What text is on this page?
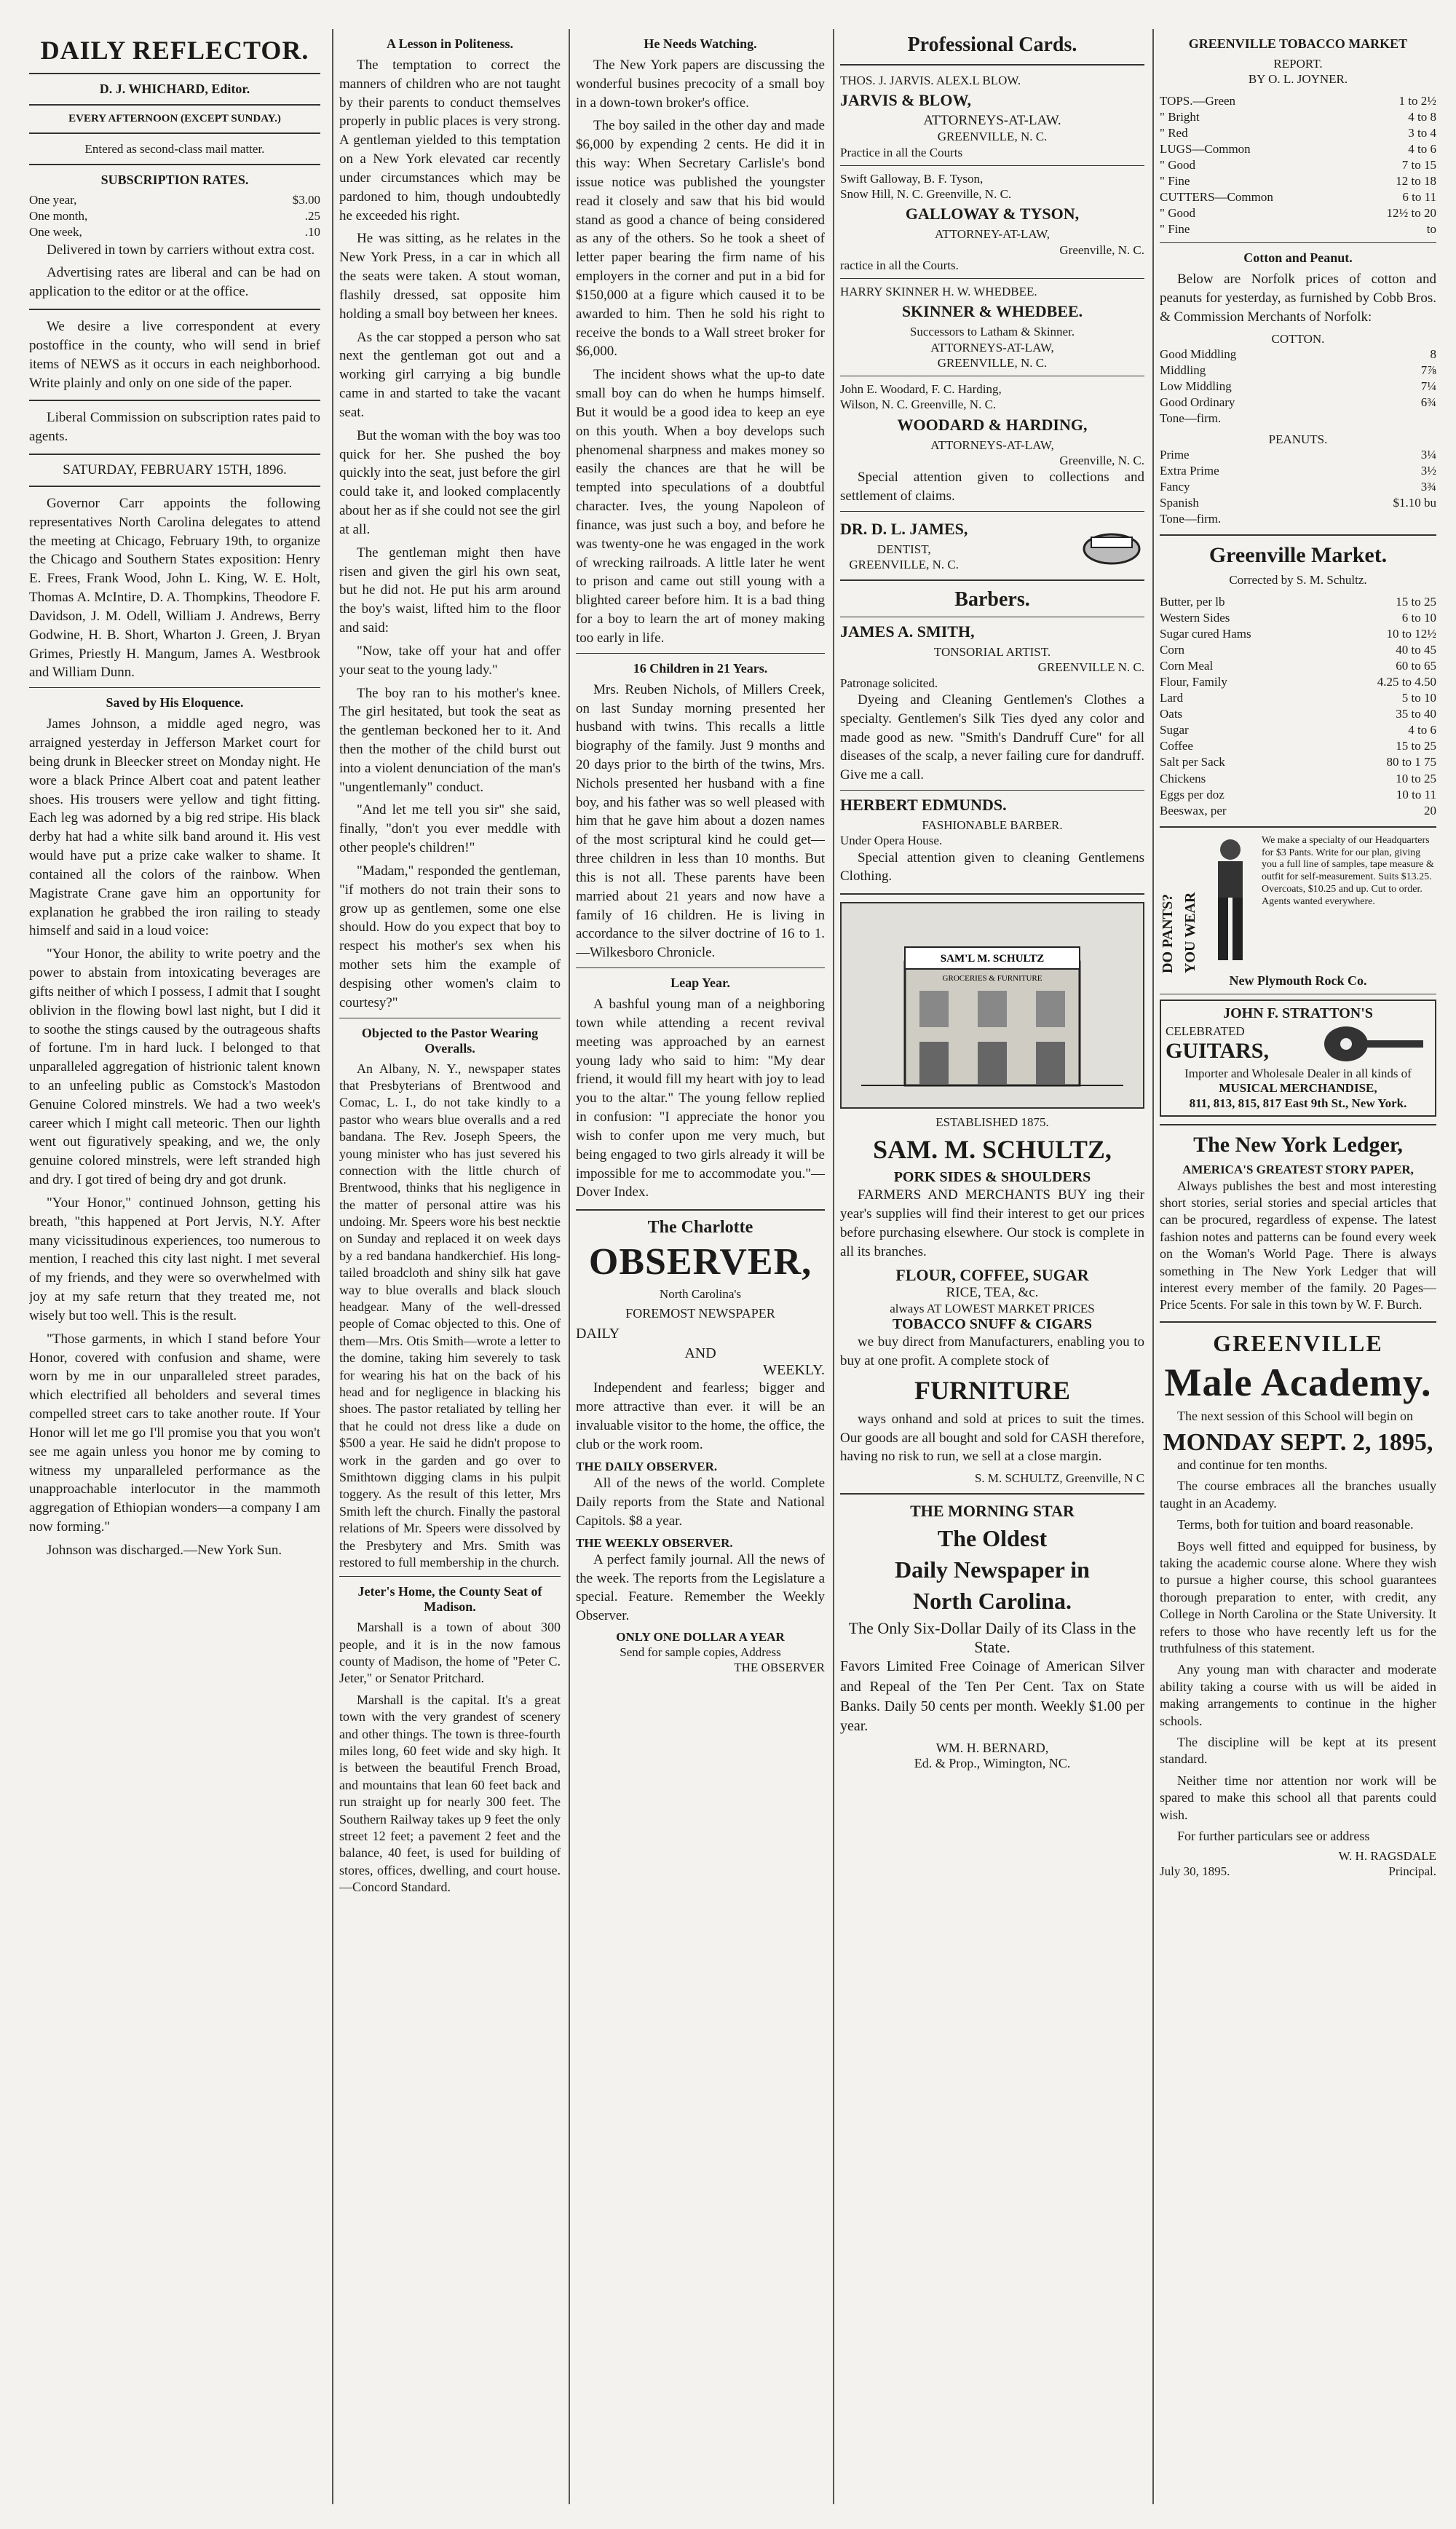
DAILY REFLECTOR.
D. J. WHICHARD, Editor.
EVERY AFTERNOON (EXCEPT SUNDAY.)
Entered as second-class mail matter.
SUBSCRIPTION RATES.
One year,	$3.00
One month,	.25
One week,	.10

Delivered in town by carriers without extra cost.

Advertising rates are liberal and can be had on application to the editor or at the office.

We desire a live correspondent at every postoffice in the county, who will send in brief items of NEWS as it occurs in each neighborhood. Write plainly and only on one side of the paper.

Liberal Commission on subscription rates paid to agents.

SATURDAY, FEBRUARY 15TH, 1896.

Governor Carr appoints the following representatives North Carolina delegates to attend the meeting at Chicago, February 19th, to organize the Chicago and Southern States exposition: Henry E. Frees, Frank Wood, John L. King, W. E. Holt, Thomas A. McIntire, D. A. Thompkins, Theodore F. Davidson, J. M. Odell, William J. Andrews, Berry Godwine, H. B. Short, Wharton J. Green, J. Bryan Grimes, Priestly H. Mangum, James A. Westbrook and William Dunn.

Saved by His Eloquence.

James Johnson, a middle aged negro, was arraigned yesterday in Jefferson Market court for being drunk in Bleecker street on Monday night. He wore a black Prince Albert coat and patent leather shoes. His trousers were yellow and tight fitting. Each leg was adorned by a big red stripe. His black derby hat had a white silk band around it. His vest would have put a prize cake walker to shame. It contained all the colors of the rainbow. When Magistrate Crane gave him an opportunity for explanation he grabbed the iron railing to steady himself and said in a loud voice:

"Your Honor, the ability to write poetry and the power to abstain from intoxicating beverages are gifts neither of which I possess, I admit that I sought oblivion in the flowing bowl last night, but I did it to soothe the stings caused by the outrageous shafts of fortune. I'm in hard luck. I belonged to that unparalleled aggregation of histrionic talent known to an unfeeling public as Comstock's Mastodon Genuine Colored minstrels. We had a two week's career which I might call meteoric. Then our lighth went out figuratively speaking, and we, the only genuine colored minstrels, were left stranded high and dry. I got tired of being dry and got drunk.

"Your Honor," continued Johnson, getting his breath, "this happened at Port Jervis, N.Y. After many vicissitudinous experiences, too numerous to mention, I reached this city last night. I met several of my friends, and they were so overwhelmed with joy at my safe return that they treated me, not wisely but too well. This is the result.

"Those garments, in which I stand before Your Honor, covered with confusion and shame, were worn by me in our unparalleled street parades, which electrified all beholders and several times compelled street cars to take another route. If Your Honor will let me go I'll promise you that you won't see me again unless you honor me by coming to witness my unparalleled performance as the unapproachable interlocutor in the mammoth aggregation of Ethiopian wonders—a company I am now forming."

Johnson was discharged.—New York Sun.

A Lesson in Politeness.

The temptation to correct the manners of children who are not taught by their parents to conduct themselves properly in public places is very strong. A gentleman yielded to this temptation on a New York elevated car recently under circumstances which may be pardoned to him, though undoubtedly he exceeded his right.

He was sitting, as he relates in the New York Press, in a car in which all the seats were taken. A stout woman, flashily dressed, sat opposite him holding a small boy between her knees.

As the car stopped a person who sat next the gentleman got out and a working girl carrying a big bundle came in and started to take the vacant seat.

But the woman with the boy was too quick for her. She pushed the boy quickly into the seat, just before the girl could take it, and looked complacently about her as if she could not see the girl at all.

The gentleman might then have risen and given the girl his own seat, but he did not. He put his arm around the boy's waist, lifted him to the floor and said:

"Now, take off your hat and offer your seat to the young lady."

The boy ran to his mother's knee. The girl hesitated, but took the seat as the gentleman beckoned her to it. And then the mother of the child burst out into a violent denunciation of the man's "ungentlemanly" conduct.

"And let me tell you sir" she said, finally, "don't you ever meddle with other people's children!"

"Madam," responded the gentleman, "if mothers do not train their sons to grow up as gentlemen, some one else should. How do you expect that boy to respect his mother's sex when his mother sets him the example of despising other women's claim to courtesy?"

Objected to the Pastor Wearing Overalls.

An Albany, N. Y., newspaper states that Presbyterians of Brentwood and Comac, L. I., do not take kindly to a pastor who wears blue overalls and a red bandana. The Rev. Joseph Speers, the young minister who has just severed his connection with the little church of Brentwood, thinks that his negligence in the matter of personal attire was his undoing. Mr. Speers wore his best necktie on Sunday and replaced it on week days by a red bandana handkerchief. His long-tailed broadcloth and shiny silk hat gave way to blue overalls and black slouch headgear. Many of the well-dressed people of Comac objected to this. One of them—Mrs. Otis Smith—wrote a letter to the domine, taking him severely to task for wearing his hat on the back of his head and for negligence in blacking his shoes. The pastor retaliated by telling her that he could not dress like a dude on $500 a year. He said he didn't propose to work in the garden and go over to Smithtown digging clams in his pulpit toggery. As the result of this letter, Mrs Smith left the church. Finally the pastoral relations of Mr. Speers were dissolved by the Presbytery and Mrs. Smith was restored to full membership in the church.

Jeter's Home, the County Seat of Madison.

Marshall is a town of about 300 people, and it is in the now famous county of Madison, the home of "Peter C. Jeter," or Senator Pritchard.

Marshall is the capital. It's a great town with the very grandest of scenery and other things. The town is three-fourth miles long, 60 feet wide and sky high. It is between the beautiful French Broad, and mountains that lean 60 feet back and run straight up for nearly 300 feet. The Southern Railway takes up 9 feet the only street 12 feet; a pavement 2 feet and the balance, 40 feet, is used for building of stores, offices, dwelling, and court house.—Concord Standard.

He Needs Watching.

The New York papers are discussing the wonderful busines precocity of a small boy in a down-town broker's office.

The boy sailed in the other day and made $6,000 by expending 2 cents. He did it in this way: When Secretary Carlisle's bond issue notice was published the youngster read it closely and saw that his bid would stand as good a chance of being considered as any of the others. So he took a sheet of letter paper bearing the firm name of his employers in the corner and put in a bid for $150,000 at a figure which caused it to be awarded to him. Then he sold his right to receive the bonds to a Wall street broker for $6,000.

The incident shows what the up-to date small boy can do when he humps himself. But it would be a good idea to keep an eye on this youth. When a boy develops such phenomenal sharpness and makes money so easily the chances are that he will be tempted into speculations of a doubtful character. Ives, the young Napoleon of finance, was just such a boy, and before he was twenty-one he was engaged in the work of wrecking railroads. A little later he went to prison and came out still young with a blighted career before him. It is a bad thing for a boy to learn the art of money making too early in life.

16 Children in 21 Years.

Mrs. Reuben Nichols, of Millers Creek, on last Sunday morning presented her husband with twins. This recalls a little biography of the family. Just 9 months and 20 days prior to the birth of the twins, Mrs. Nichols presented her husband with a fine boy, and his father was so well pleased with him that he gave him about a dozen names of the most scriptural kind he could get—three children in less than 10 months. But this is not all. These parents have been married about 21 years and now have a family of 16 children. He is living in accordance to the silver doctrine of 16 to 1.—Wilkesboro Chronicle.

Leap Year.

A bashful young man of a neighboring town while attending a recent revival meeting was approached by an earnest young lady who said to him: "My dear friend, it would fill my heart with joy to lead you to the altar." The young fellow replied in confusion: "I appreciate the honor you wish to confer upon me very much, but being engaged to two girls already it will be impossible for me to accommodate you."—Dover Index.

The Charlotte
OBSERVER,
North Carolina's
FOREMOST NEWSPAPER
DAILY
AND
WEEKLY.

Independent and fearless; bigger and more attractive than ever. it will be an invaluable visitor to the home, the office, the club or the work room.

THE DAILY OBSERVER.

All of the news of the world. Complete Daily reports from the State and National Capitols. $8 a year.

THE WEEKLY OBSERVER.

A perfect family journal. All the news of the week. The reports from the Legislature a special. Feature. Remember the Weekly Observer.

ONLY ONE DOLLAR A YEAR
Send for sample copies, Address
THE OBSERVER
Professional Cards.
THOS. J. JARVIS. ALEX.L BLOW.
JARVIS & BLOW,
ATTORNEYS-AT-LAW.
GREENVILLE, N. C.
Practice in all the Courts
Swift Galloway, B. F. Tyson,
Snow Hill, N. C. Greenville, N. C.
GALLOWAY & TYSON,
ATTORNEY-AT-LAW,
Greenville, N. C.
ractice in all the Courts.
HARRY SKINNER H. W. WHEDBEE.
SKINNER & WHEDBEE.
Successors to Latham & Skinner.
ATTORNEYS-AT-LAW,
GREENVILLE, N. C.
John E. Woodard, F. C. Harding,
Wilson, N. C. Greenville, N. C.
WOODARD & HARDING,
ATTORNEYS-AT-LAW,
Greenville, N. C.

Special attention given to collections and settlement of claims.

DR. D. L. JAMES,
DENTIST,
GREENVILLE, N. C.
Barbers.
JAMES A. SMITH,
TONSORIAL ARTIST.
GREENVILLE N. C.
Patronage solicited.

Dyeing and Cleaning Gentlemen's Clothes a specialty. Gentlemen's Silk Ties dyed any color and made good as new. "Smith's Dandruff Cure" for all diseases of the scalp, a never failing cure for dandruff. Give me a call.

HERBERT EDMUNDS.
FASHIONABLE BARBER.
Under Opera House.

Special attention given to cleaning Gentlemens Clothing.

SAM'L M. SCHULTZ
GROCERIES & FURNITURE
ESTABLISHED 1875.
SAM. M. SCHULTZ,
PORK SIDES & SHOULDERS

FARMERS AND MERCHANTS BUY ing their year's supplies will find their interest to get our prices before purchasing elsewhere. Our stock is complete in all its branches.

FLOUR, COFFEE, SUGAR
RICE, TEA, &c.
always AT LOWEST MARKET PRICES
TOBACCO SNUFF & CIGARS

we buy direct from Manufacturers, enabling you to buy at one profit. A complete stock of

FURNITURE

ways onhand and sold at prices to suit the times. Our goods are all bought and sold for CASH therefore, having no risk to run, we sell at a close margin.

S. M. SCHULTZ, Greenville, N C
THE MORNING STAR
The Oldest
Daily Newspaper in
North Carolina.
The Only Six-Dollar Daily of its Class in the State.

Favors Limited Free Coinage of American Silver and Repeal of the Ten Per Cent. Tax on State Banks. Daily 50 cents per month. Weekly $1.00 per year.

WM. H. BERNARD,
Ed. & Prop., Wimington, NC.
GREENVILLE TOBACCO MARKET
REPORT.
BY O. L. JOYNER.
TOPS.—Green	1 to 2½
" Bright	4 to 8
" Red	3 to 4
LUGS—Common	4 to 6
" Good	7 to 15
" Fine	12 to 18
CUTTERS—Common	6 to 11
" Good	12½ to 20
" Fine	to
Cotton and Peanut.

Below are Norfolk prices of cotton and peanuts for yesterday, as furnished by Cobb Bros. & Commission Merchants of Norfolk:

COTTON.
Good Middling	8
Middling	7⅞
Low Middling	7¼
Good Ordinary	6¾
Tone—firm.
PEANUTS.
Prime	3¼
Extra Prime	3½
Fancy	3¾
Spanish	$1.10 bu
Tone—firm.
Greenville Market.
Corrected by S. M. Schultz.
Butter, per lb	15 to 25
Western Sides	6 to 10
Sugar cured Hams	10 to 12½
Corn	40 to 45
Corn Meal	60 to 65
Flour, Family	4.25 to 4.50
Lard	5 to 10
Oats	35 to 40
Sugar	4 to 6
Coffee	15 to 25
Salt per Sack	80 to 1 75
Chickens	10 to 25
Eggs per doz	10 to 11
Beeswax, per	20
DO PANTS? YOU WEAR
We make a specialty of our Headquarters for $3 Pants. Write for our plan, giving you a full line of samples, tape measure & outfit for self-measurement. Suits $13.25. Overcoats, $10.25 and up. Cut to order. Agents wanted everywhere.
New Plymouth Rock Co.
JOHN F. STRATTON'S
CELEBRATED
GUITARS,
Importer and Wholesale Dealer in all kinds of
MUSICAL MERCHANDISE,
811, 813, 815, 817 East 9th St., New York.
The New York Ledger,
AMERICA'S GREATEST STORY PAPER,

Always publishes the best and most interesting short stories, serial stories and special articles that can be procured, regardless of expense. The latest fashion notes and patterns can be found every week on the Woman's World Page. There is always something in The New York Ledger that will interest every member of the family. 20 Pages—Price 5cents. For sale in this town by W. F. Burch.

GREENVILLE
Male Academy.

The next session of this School will begin on

MONDAY SEPT. 2, 1895,

and continue for ten months.

The course embraces all the branches usually taught in an Academy.

Terms, both for tuition and board reasonable.

Boys well fitted and equipped for business, by taking the academic course alone. Where they wish to pursue a higher course, this school guarantees thorough preparation to enter, with credit, any College in North Carolina or the State University. It refers to those who have recently left us for the truthfulness of this statement.

Any young man with character and moderate ability taking a course with us will be aided in making arrangements to continue in the higher schools.

The discipline will be kept at its present standard.

Neither time nor attention nor work will be spared to make this school all that parents could wish.

For further particulars see or address

W. H. RAGSDALE
July 30, 1895.	Principal.
